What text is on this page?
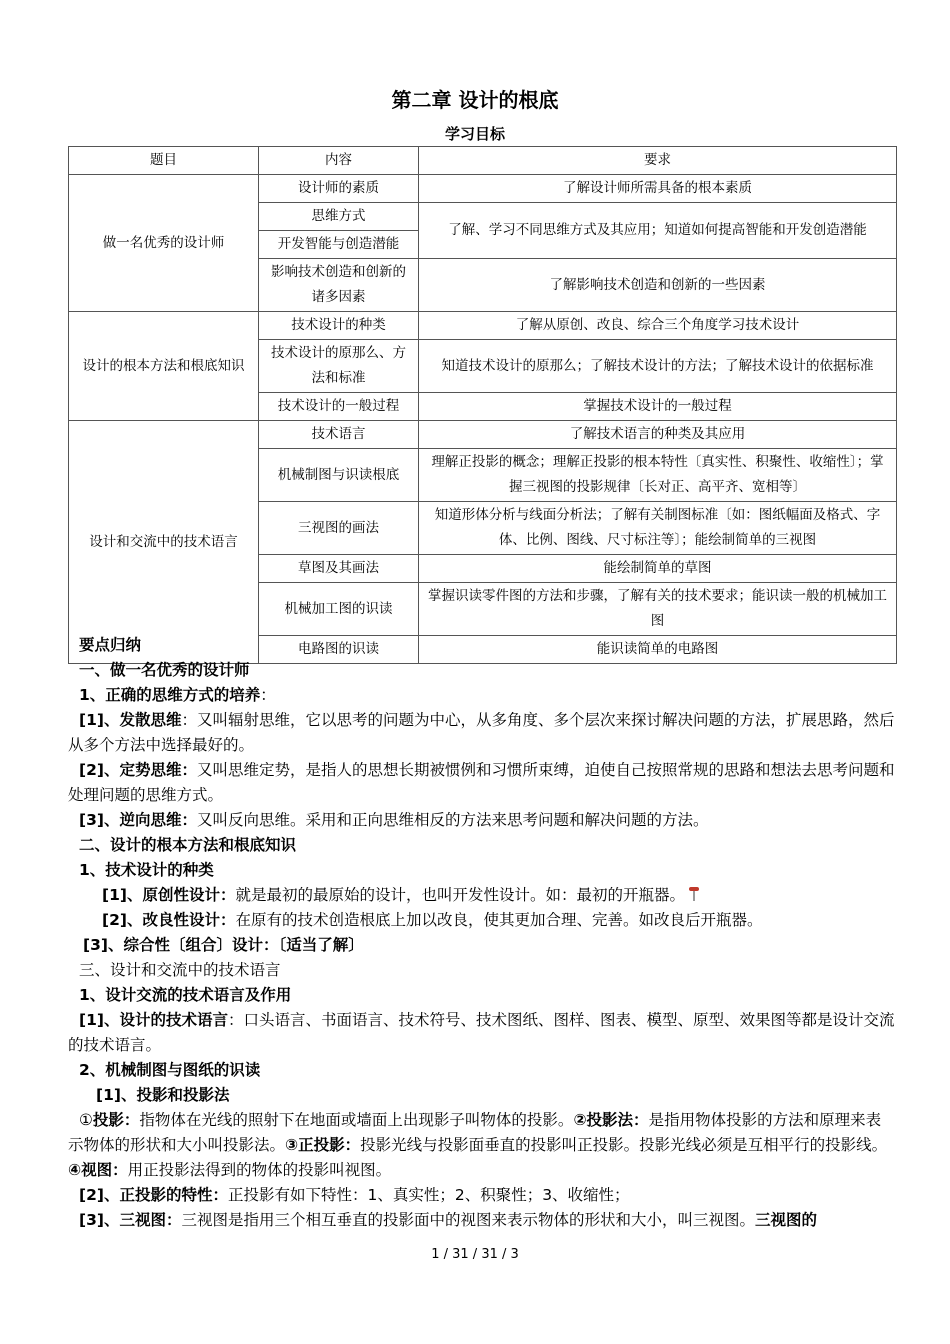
第二章 设计的根底
学习目标
题目	内容	要求
做一名优秀的设计师	设计师的素质	了解设计师所需具备的根本素质
	思维方式	了解、学习不同思维方式及其应用；知道如何提高智能和开发创造潜能
	开发智能与创造潜能	
	影响技术创造和创新的诸多因素	了解影响技术创造和创新的一些因素
设计的根本方法和根底知识	技术设计的种类	了解从原创、改良、综合三个角度学习技术设计
	技术设计的原那么、方法和标准	知道技术设计的原那么；了解技术设计的方法；了解技术设计的依据标准
	技术设计的一般过程	掌握技术设计的一般过程
设计和交流中的技术语言	技术语言	了解技术语言的种类及其应用
	机械制图与识读根底	理解正投影的概念；理解正投影的根本特性〔真实性、积聚性、收缩性〕；掌握三视图的投影规律〔长对正、高平齐、宽相等〕
	三视图的画法	知道形体分析与线面分析法；了解有关制图标准〔如：图纸幅面及格式、字体、比例、图线、尺寸标注等〕；能绘制简单的三视图
	草图及其画法	能绘制简单的草图
	机械加工图的识读	掌握识读零件图的方法和步骤，了解有关的技术要求；能识读一般的机械加工图
	电路图的识读	能识读简单的电路图

要点归纳

一、做一名优秀的设计师

1、正确的思维方式的培养：

[1]、发散思维：又叫辐射思维，它以思考的问题为中心，从多角度、多个层次来探讨解决问题的方法，扩展思路，然后从多个方法中选择最好的。

[2]、定势思维：又叫思维定势，是指人的思想长期被惯例和习惯所束缚，迫使自己按照常规的思路和想法去思考问题和处理问题的思维方式。

[3]、逆向思维：又叫反向思维。采用和正向思维相反的方法来思考问题和解决问题的方法。

二、设计的根本方法和根底知识

1、技术设计的种类

[1]、原创性设计：就是最初的最原始的设计，也叫开发性设计。如：最初的开瓶器。

[2]、改良性设计：在原有的技术创造根底上加以改良，使其更加合理、完善。如改良后开瓶器。

[3]、综合性〔组合〕设计：〔适当了解〕

三、设计和交流中的技术语言

1、设计交流的技术语言及作用

[1]、设计的技术语言：口头语言、书面语言、技术符号、技术图纸、图样、图表、模型、原型、效果图等都是设计交流的技术语言。

2、机械制图与图纸的识读

[1]、投影和投影法

①投影：指物体在光线的照射下在地面或墙面上出现影子叫物体的投影。②投影法：是指用物体投影的方法和原理来表示物体的形状和大小叫投影法。③正投影：投影光线与投影面垂直的投影叫正投影。投影光线必须是互相平行的投影线。④视图：用正投影法得到的物体的投影叫视图。

[2]、正投影的特性：正投影有如下特性：1、真实性；2、积聚性；3、收缩性；

[3]、三视图：三视图是指用三个相互垂直的投影面中的视图来表示物体的形状和大小，叫三视图。三视图的

1 / 31 / 31 / 3
